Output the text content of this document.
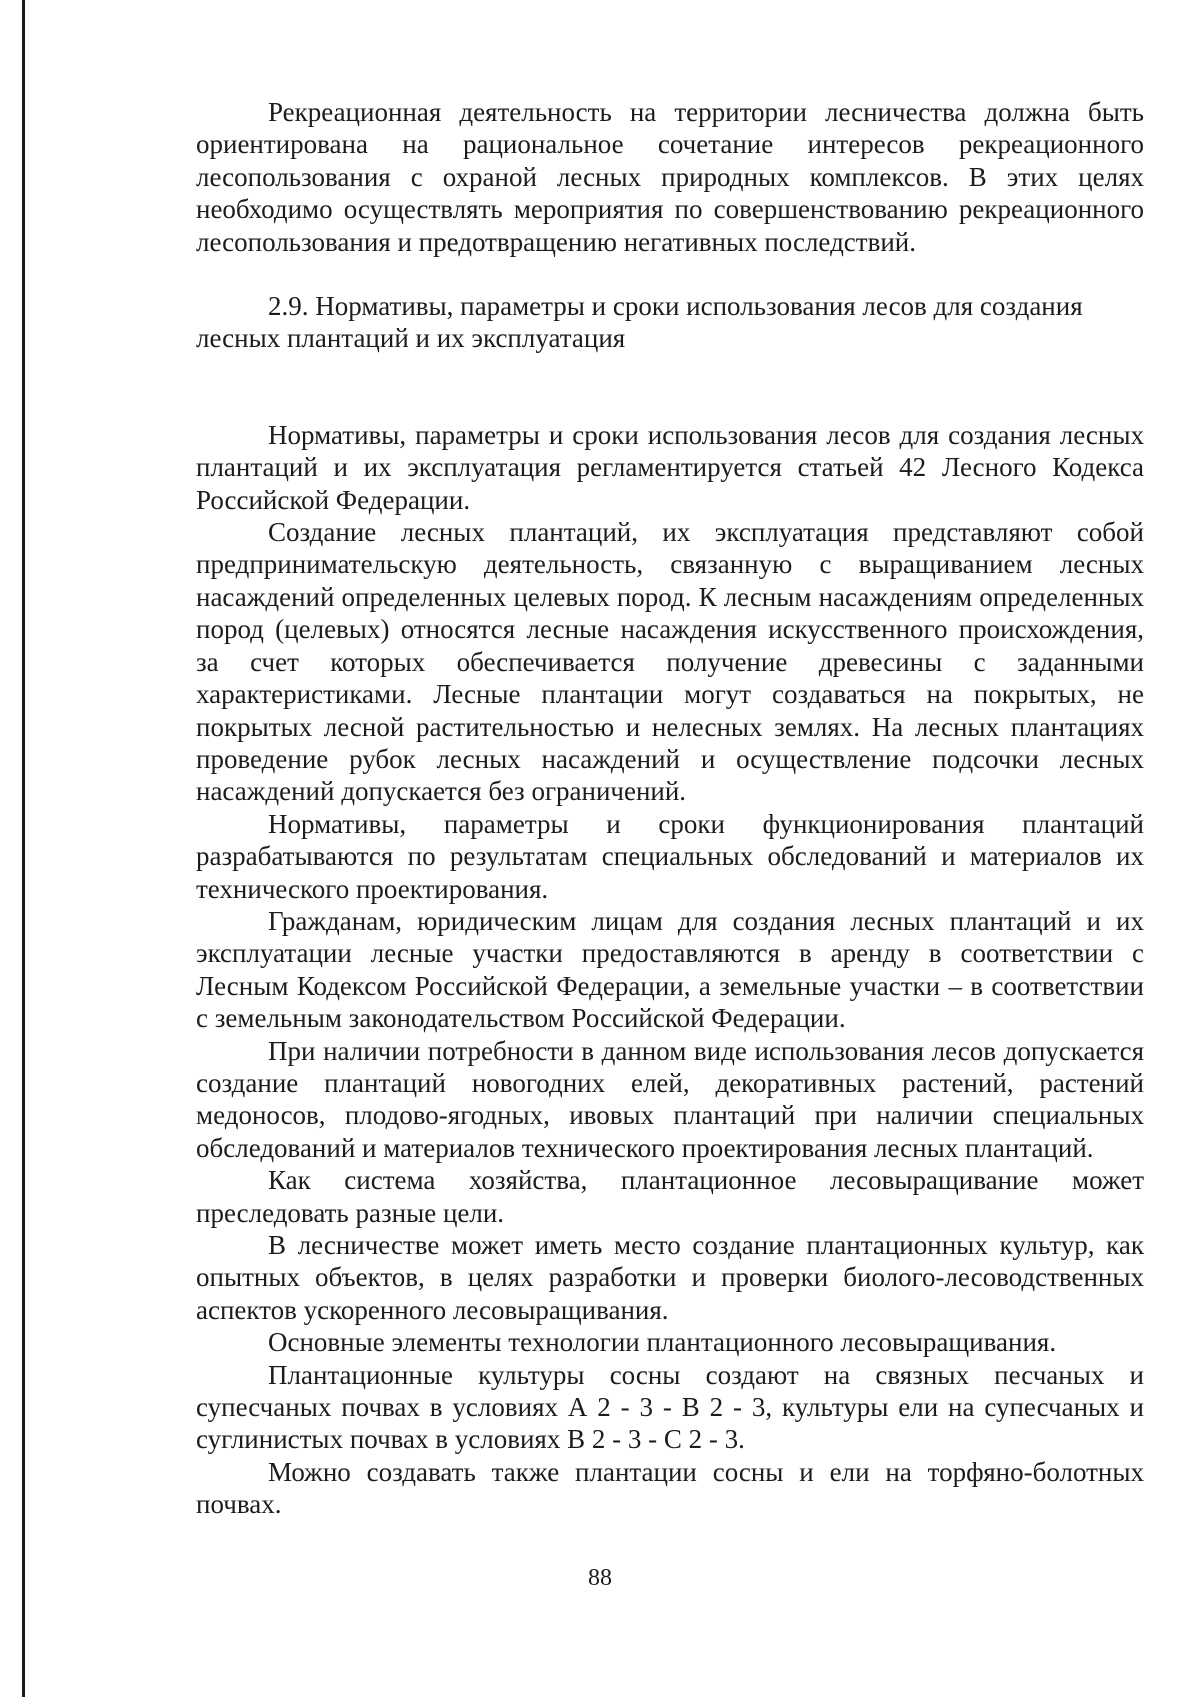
Рекреационная деятельность на территории лесничества должна быть ориентирована на рациональное сочетание интересов рекреационного лесопользования с охраной лесных природных комплексов. В этих целях необходимо осуществлять мероприятия по совершенствованию рекреационного лесопользования и предотвращению негативных последствий.

2.9. Нормативы, параметры и сроки использования лесов для создания лесных плантаций и их эксплуатация

Нормативы, параметры и сроки использования лесов для создания лесных плантаций и их эксплуатация регламентируется статьей 42 Лесного Кодекса Российской Федерации.

Создание лесных плантаций, их эксплуатация представляют собой предпринимательскую деятельность, связанную с выращиванием лесных насаждений определенных целевых пород. К лесным насаждениям определенных пород (целевых) относятся лесные насаждения искусственного происхождения, за счет которых обеспечивается получение древесины с заданными характеристиками. Лесные плантации могут создаваться на покрытых, не покрытых лесной растительностью и нелесных землях. На лесных плантациях проведение рубок лесных насаждений и осуществление подсочки лесных насаждений допускается без ограничений.

Нормативы, параметры и сроки функционирования плантаций разрабатываются по результатам специальных обследований и материалов их технического проектирования.

Гражданам, юридическим лицам для создания лесных плантаций и их эксплуатации лесные участки предоставляются в аренду в соответствии с Лесным Кодексом Российской Федерации, а земельные участки – в соответствии с земельным законодательством Российской Федерации.

При наличии потребности в данном виде использования лесов допускается создание плантаций новогодних елей, декоративных растений, растений медоносов, плодово-ягодных, ивовых плантаций при наличии специальных обследований и материалов технического проектирования лесных плантаций.

Как система хозяйства, плантационное лесовыращивание может преследовать разные цели.

В лесничестве может иметь место создание плантационных культур, как опытных объектов, в целях разработки и проверки биолого-лесоводственных аспектов ускоренного лесовыращивания.

Основные элементы технологии плантационного лесовыращивания.

Плантационные культуры сосны создают на связных песчаных и супесчаных почвах в условиях А 2 - 3 - В 2 - 3, культуры ели на супесчаных и суглинистых почвах в условиях В 2 - 3 - С 2 - 3.

Можно создавать также плантации сосны и ели на торфяно-болотных почвах.

88
